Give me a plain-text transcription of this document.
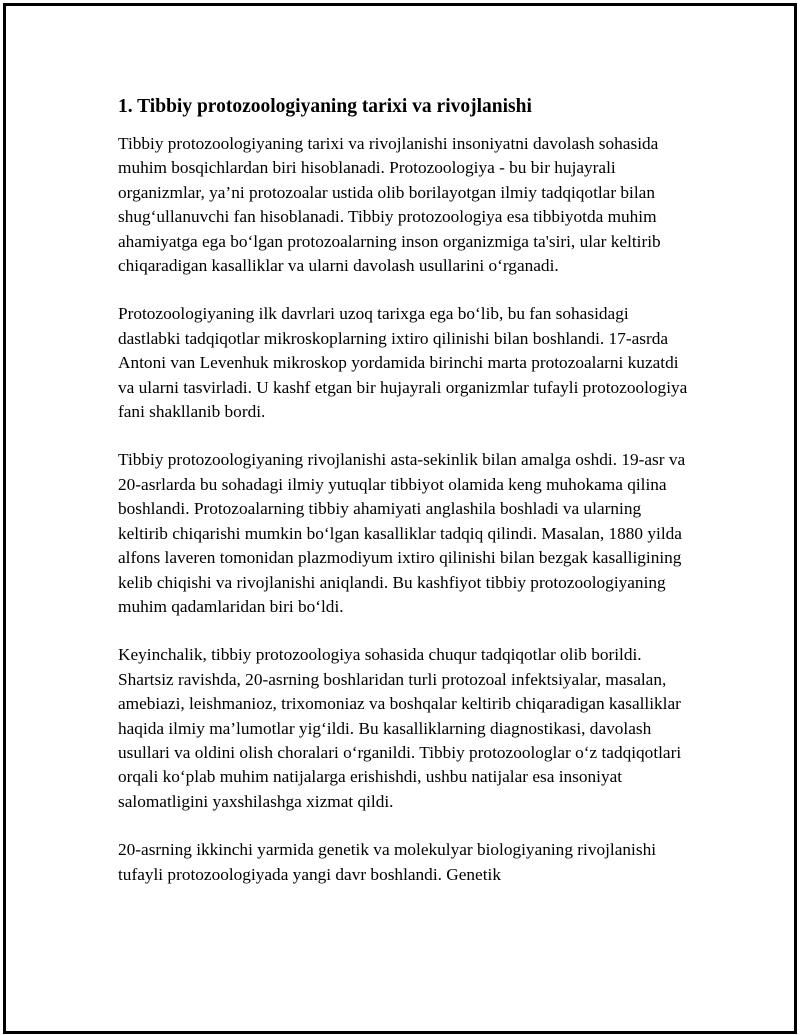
1. Tibbiy protozoologiyaning tarixi va rivojlanishi

Tibbiy protozoologiyaning tarixi va rivojlanishi insoniyatni davolash sohasida muhim bosqichlardan biri hisoblanadi. Protozoologiya - bu bir hujayrali organizmlar, ya’ni protozoalar ustida olib borilayotgan ilmiy tadqiqotlar bilan shug‘ullanuvchi fan hisoblanadi. Tibbiy protozoologiya esa tibbiyotda muhim ahamiyatga ega bo‘lgan protozoalarning inson organizmiga ta'siri, ular keltirib chiqaradigan kasalliklar va ularni davolash usullarini o‘rganadi.

Protozoologiyaning ilk davrlari uzoq tarixga ega bo‘lib, bu fan sohasidagi dastlabki tadqiqotlar mikroskoplarning ixtiro qilinishi bilan boshlandi. 17-asrda Antoni van Levenhuk mikroskop yordamida birinchi marta protozoalarni kuzatdi va ularni tasvirladi. U kashf etgan bir hujayrali organizmlar tufayli protozoologiya fani shakllanib bordi.

Tibbiy protozoologiyaning rivojlanishi asta-sekinlik bilan amalga oshdi. 19-asr va 20-asrlarda bu sohadagi ilmiy yutuqlar tibbiyot olamida keng muhokama qilina boshlandi. Protozoalarning tibbiy ahamiyati anglashila boshladi va ularning keltirib chiqarishi mumkin bo‘lgan kasalliklar tadqiq qilindi. Masalan, 1880 yilda alfons laveren tomonidan plazmodiyum ixtiro qilinishi bilan bezgak kasalligining kelib chiqishi va rivojlanishi aniqlandi. Bu kashfiyot tibbiy protozoologiyaning muhim qadamlaridan biri bo‘ldi.

Keyinchalik, tibbiy protozoologiya sohasida chuqur tadqiqotlar olib borildi. Shartsiz ravishda, 20-asrning boshlaridan turli protozoal infektsiyalar, masalan, amebiazi, leishmanioz, trixomoniaz va boshqalar keltirib chiqaradigan kasalliklar haqida ilmiy ma’lumotlar yig‘ildi. Bu kasalliklarning diagnostikasi, davolash usullari va oldini olish choralari o‘rganildi. Tibbiy protozoologlar o‘z tadqiqotlari orqali ko‘plab muhim natijalarga erishishdi, ushbu natijalar esa insoniyat salomatligini yaxshilashga xizmat qildi.

20-asrning ikkinchi yarmida genetik va molekulyar biologiyaning rivojlanishi tufayli protozoologiyada yangi davr boshlandi. Genetik
